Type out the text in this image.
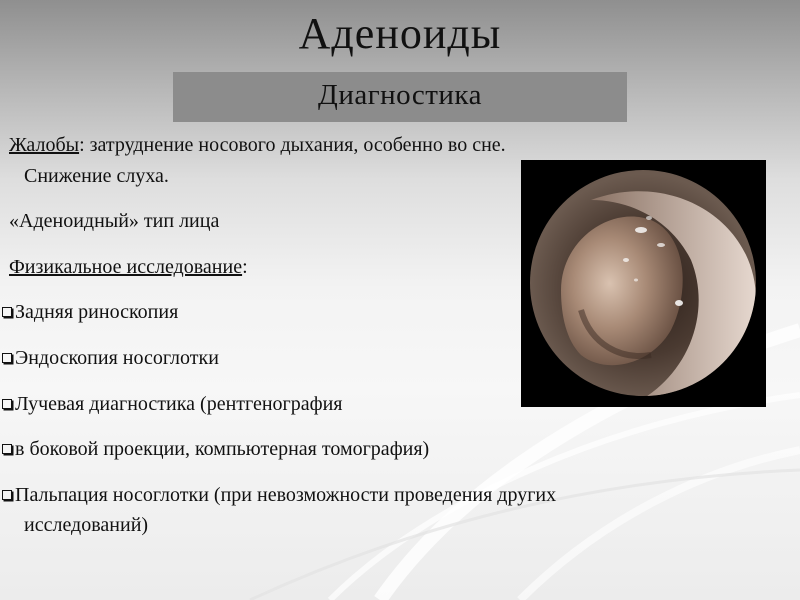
Аденоиды
Диагностика
Жалобы: затруднение носового дыхания, особенно во сне.
Снижение слуха.
«Аденоидный» тип лица
Физикальное исследование:
Задняя риноскопия
Эндоскопия носоглотки
Лучевая диагностика (рентгенография
в боковой проекции, компьютерная томография)
Пальпация носоглотки (при невозможности проведения других
исследований)
